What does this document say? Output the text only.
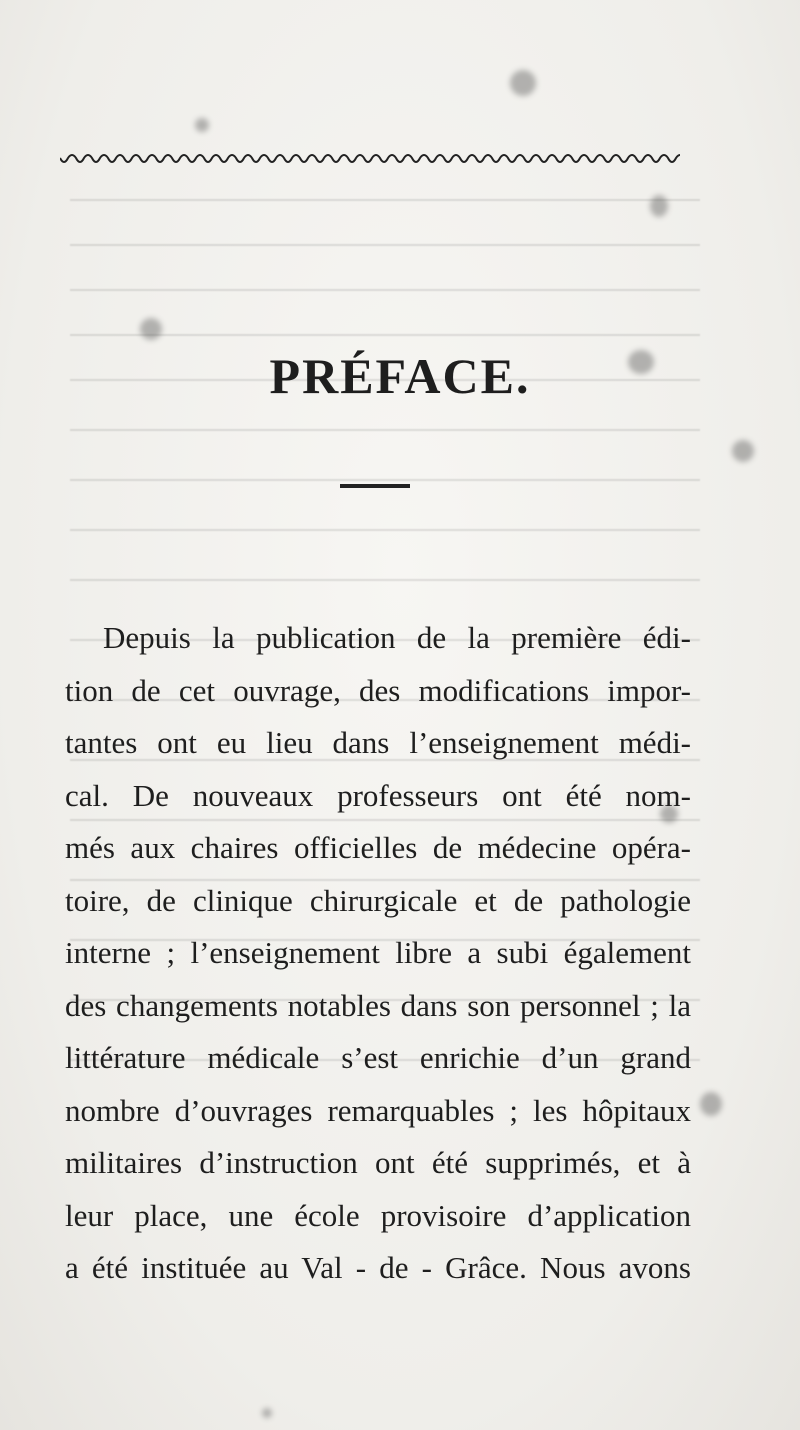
PRÉFACE.
Depuis la publication de la première édi-
tion de cet ouvrage, des modifications impor-
tantes ont eu lieu dans l’enseignement médi-
cal. De nouveaux professeurs ont été nom-
més aux chaires officielles de médecine opéra-
toire, de clinique chirurgicale et de pathologie
interne ; l’enseignement libre a subi également
des changements notables dans son personnel ; la
littérature médicale s’est enrichie d’un grand
nombre d’ouvrages remarquables ; les hôpitaux
militaires d’instruction ont été supprimés, et à
leur place, une école provisoire d’application
a été instituée au Val - de - Grâce. Nous avons
